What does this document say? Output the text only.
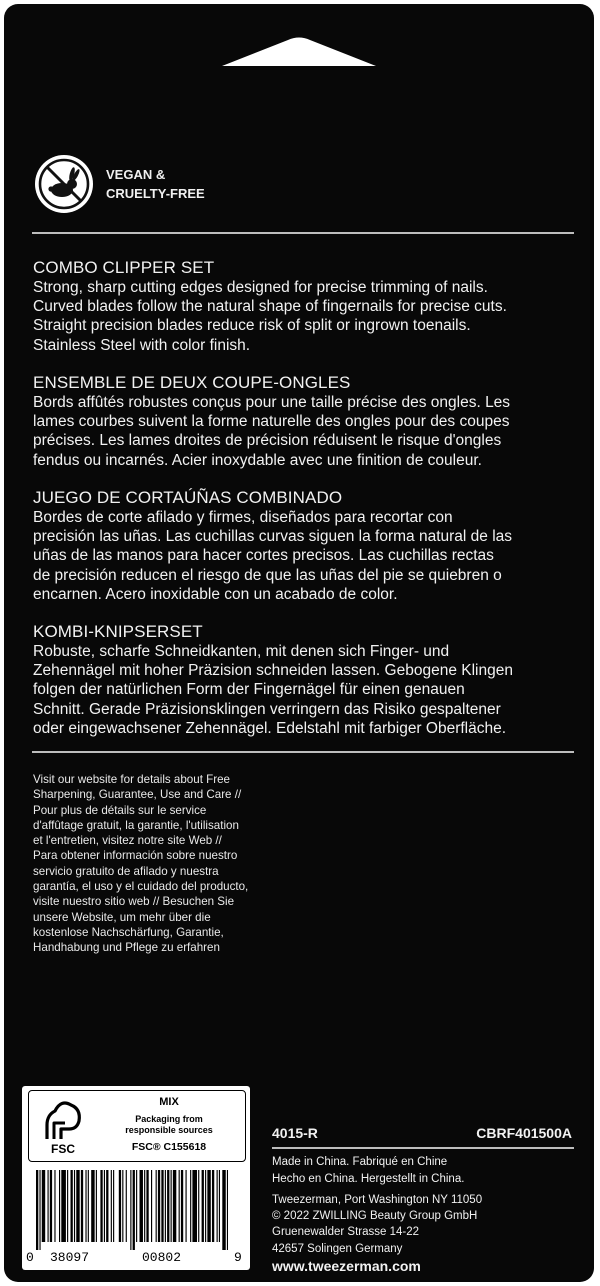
VEGAN &
CRUELTY-FREE
COMBO CLIPPER SET

Strong, sharp cutting edges designed for precise trimming of nails.
Curved blades follow the natural shape of fingernails for precise cuts.
Straight precision blades reduce risk of split or ingrown toenails.
Stainless Steel with color finish.

ENSEMBLE DE DEUX COUPE-ONGLES

Bords affûtés robustes conçus pour une taille précise des ongles. Les
lames courbes suivent la forme naturelle des ongles pour des coupes
précises. Les lames droites de précision réduisent le risque d'ongles
fendus ou incarnés. Acier inoxydable avec une finition de couleur.

JUEGO DE CORTAÚÑAS COMBINADO

Bordes de corte afilado y firmes, diseñados para recortar con
precisión las uñas. Las cuchillas curvas siguen la forma natural de las
uñas de las manos para hacer cortes precisos. Las cuchillas rectas
de precisión reducen el riesgo de que las uñas del pie se quiebren o
encarnen. Acero inoxidable con un acabado de color.

KOMBI-KNIPSERSET

Robuste, scharfe Schneidkanten, mit denen sich Finger- und
Zehennägel mit hoher Präzision schneiden lassen. Gebogene Klingen
folgen der natürlichen Form der Fingernägel für einen genauen
Schnitt. Gerade Präzisionsklingen verringern das Risiko gespaltener
oder eingewachsener Zehennägel. Edelstahl mit farbiger Oberfläche.

Visit our website for details about Free
Sharpening, Guarantee, Use and Care //
Pour plus de détails sur le service
d'affûtage gratuit, la garantie, l'utilisation
et l'entretien, visitez notre site Web //
Para obtener información sobre nuestro
servicio gratuito de afilado y nuestra
garantía, el uso y el cuidado del producto,
visite nuestro sitio web // Besuchen Sie
unsere Website, um mehr über die
kostenlose Nachschärfung, Garantie,
Handhabung und Pflege zu erfahren
FSC
MIX
Packaging from
responsible sources
FSC® C155618
0 38097	00802	9
4015-R	CBRF401500A
Made in China. Fabriqué en Chine
Hecho en China. Hergestellt in China.
Tweezerman, Port Washington NY 11050
© 2022 ZWILLING Beauty Group GmbH
Gruenewalder Strasse 14-22
42657 Solingen Germany
www.tweezerman.com
